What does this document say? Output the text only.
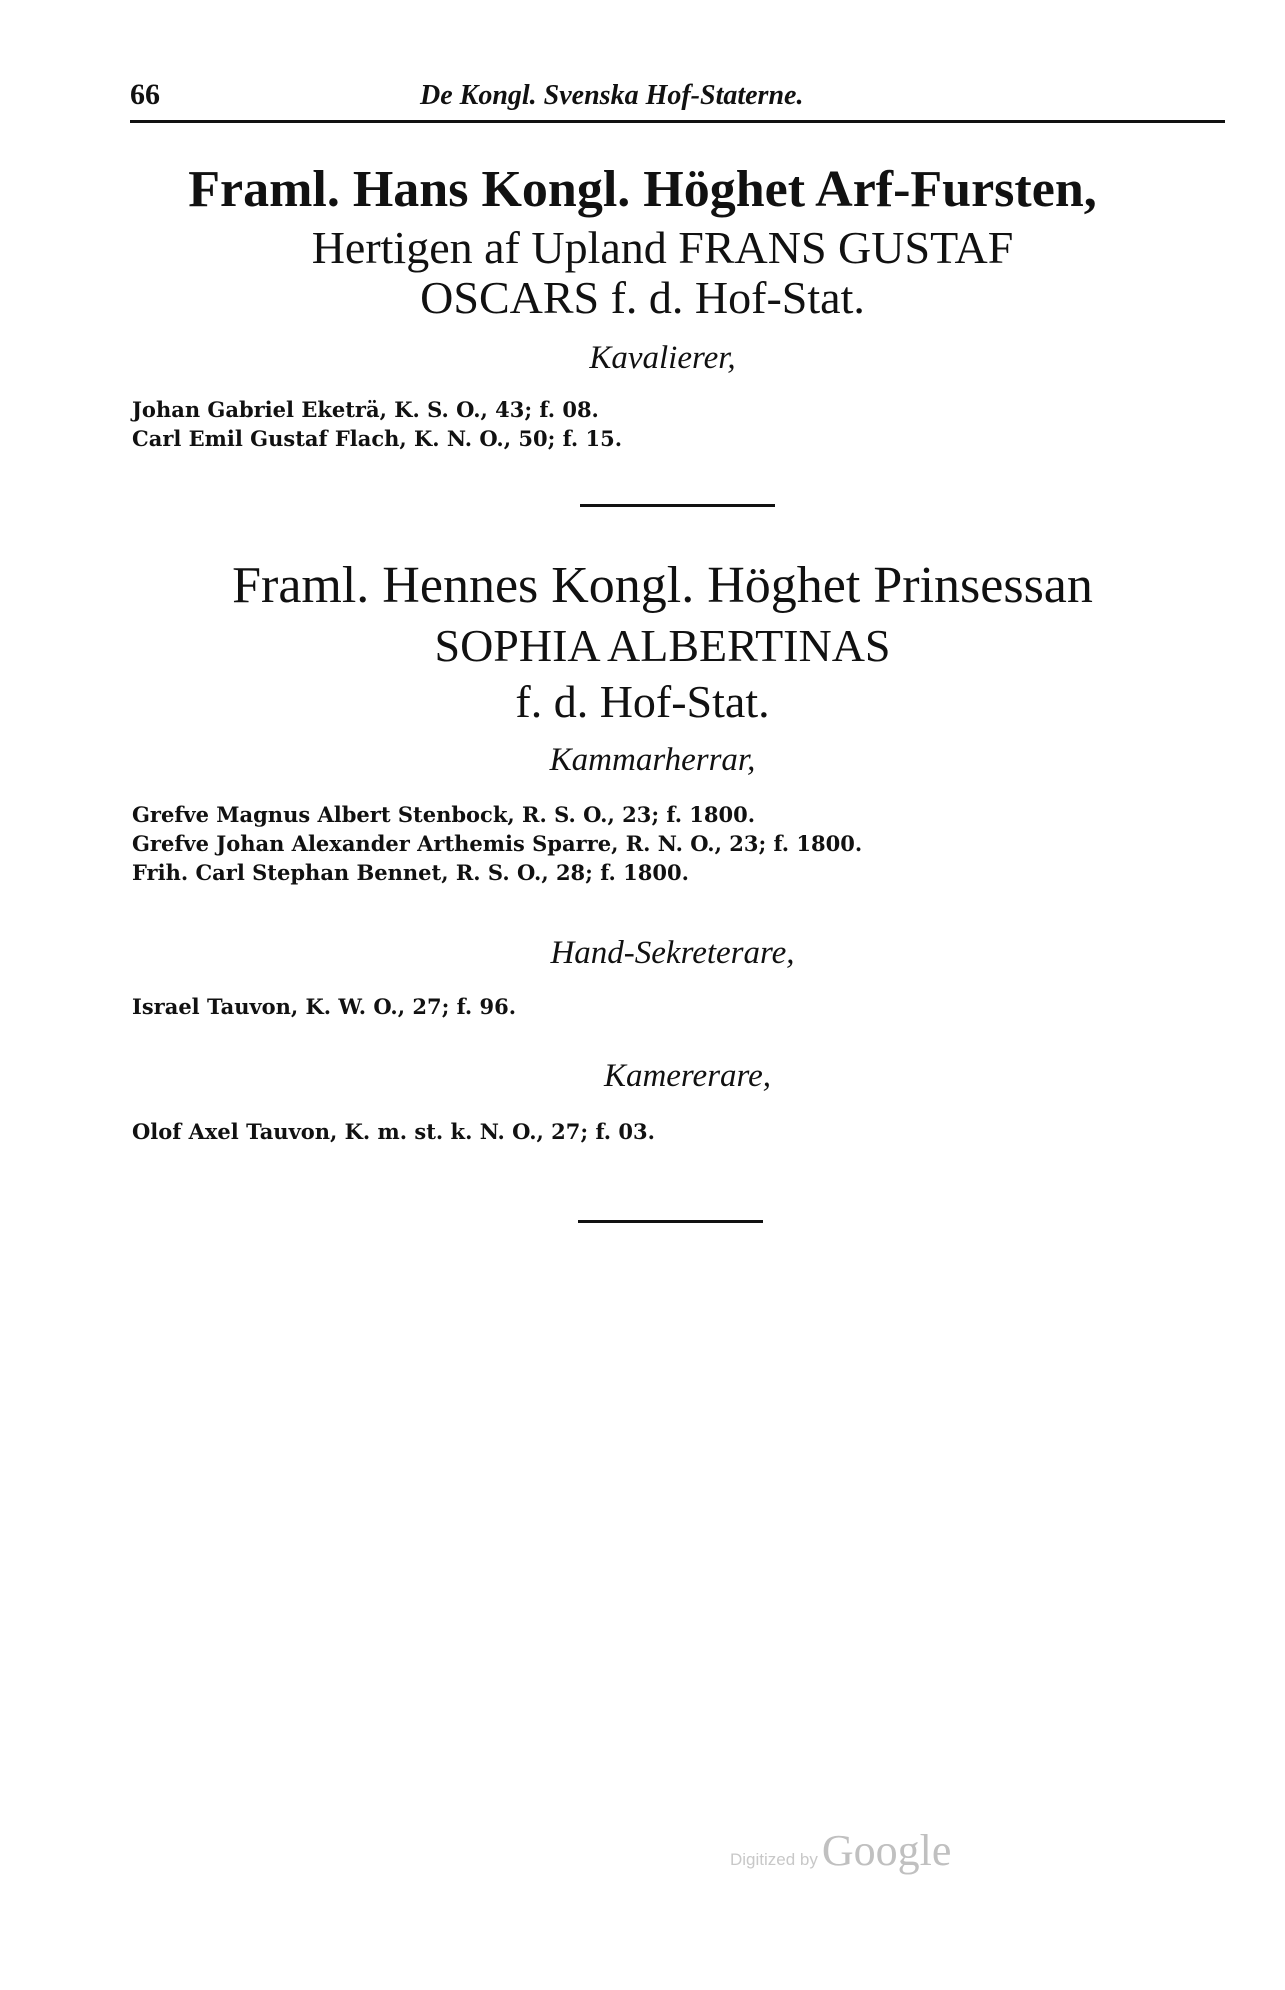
66	De Kongl. Svenska Hof-Staterne.
Framl. Hans Kongl. Höghet Arf-Fursten,
Hertigen af Upland FRANS GUSTAF
OSCARS f. d. Hof-Stat.
Kavalierer,
Johan Gabriel Eketrä, K. S. O., 43; f. 08.
Carl Emil Gustaf Flach, K. N. O., 50; f. 15.
Framl. Hennes Kongl. Höghet Prinsessan
SOPHIA ALBERTINAS
f. d. Hof-Stat.
Kammarherrar,
Grefve Magnus Albert Stenbock, R. S. O., 23; f. 1800.
Grefve Johan Alexander Arthemis Sparre, R. N. O., 23; f. 1800.
Frih. Carl Stephan Bennet, R. S. O., 28; f. 1800.
Hand-Sekreterare,
Israel Tauvon, K. W. O., 27; f. 96.
Kamererare,
Olof Axel Tauvon, K. m. st. k. N. O., 27; f. 03.
Digitized byGoogle
